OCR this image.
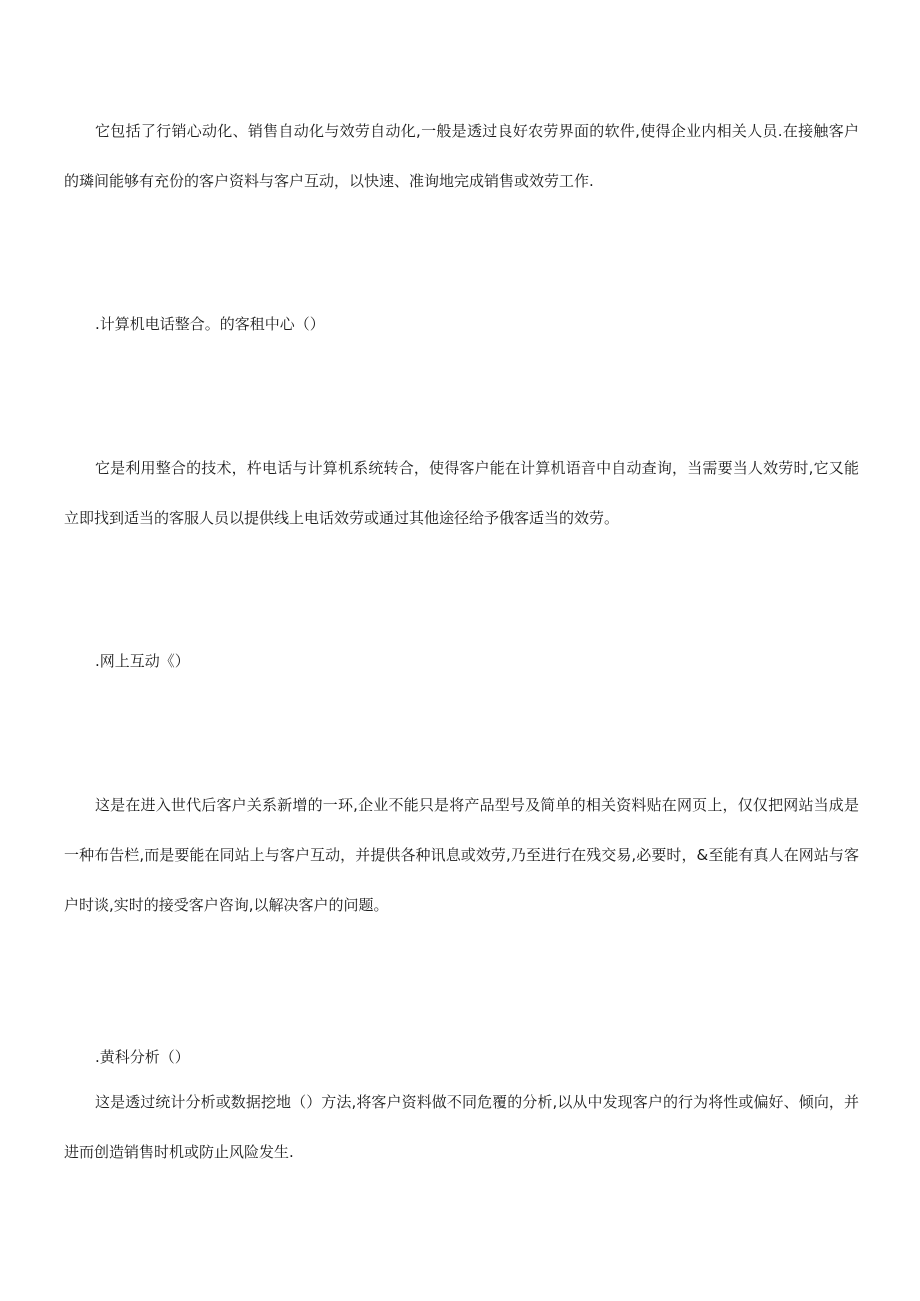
它包括了行销心动化、销售自动化与效劳自动化,一般是透过良好农劳界面的软件,使得企业内相关人员.在接触客户的璘间能够有充份的客户资料与客户互动，以快速、准询地完成销售或效劳工作.

.计算机电话整合。的客租中心（）

它是利用整合的技术，杵电话与计算机系统转合，使得客户能在计算机语音中自动查询，当需要当人效劳时,它又能立即找到适当的客服人员以提供线上电话效劳或通过其他途径给予俄客适当的效劳。

.网上互动《）

这是在进入世代后客户关系新增的一环,企业不能只是将产品型号及简单的相关资料贴在网页上，仅仅把网站当成是一种布告栏,而是要能在同站上与客户互动，并提供各种讯息或效劳,乃至进行在残交易,必要时，&至能有真人在网站与客户时谈,实时的接受客户咨询,以解决客户的问题。

.黄科分析（）

这是透过统计分析或数据挖地（）方法,将客户资料做不同危覆的分析,以从中发现客户的行为将性或偏好、倾向，并进而创造销售时机或防止风险发生.
